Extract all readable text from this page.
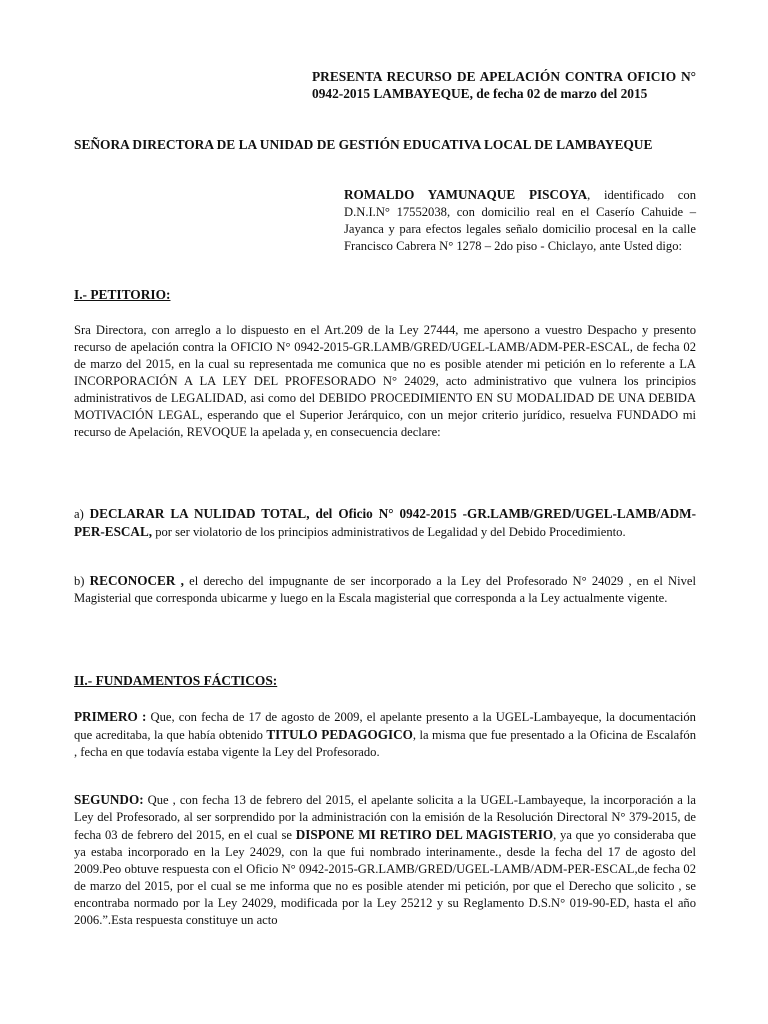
PRESENTA RECURSO DE APELACIÓN CONTRA OFICIO N° 0942-2015 LAMBAYEQUE, de fecha 02 de marzo del 2015
SEÑORA DIRECTORA DE LA UNIDAD DE GESTIÓN EDUCATIVA LOCAL DE LAMBAYEQUE
ROMALDO YAMUNAQUE PISCOYA, identificado con D.N.I.N° 17552038, con domicilio real en el Caserío Cahuide – Jayanca y para efectos legales señalo domicilio procesal en la calle Francisco Cabrera N° 1278 – 2do piso - Chiclayo, ante Usted digo:
I.- PETITORIO:
Sra Directora, con arreglo a lo dispuesto en el Art.209 de la Ley 27444, me apersono a vuestro Despacho y presento recurso de apelación contra la OFICIO N° 0942-2015-GR.LAMB/GRED/UGEL-LAMB/ADM-PER-ESCAL, de fecha 02 de marzo del 2015, en la cual su representada me comunica que no es posible atender mi petición en lo referente a LA INCORPORACIÓN A LA LEY DEL PROFESORADO N° 24029, acto administrativo que vulnera los principios administrativos de LEGALIDAD, asi como del DEBIDO PROCEDIMIENTO EN SU MODALIDAD DE UNA DEBIDA MOTIVACIÓN LEGAL, esperando que el Superior Jerárquico, con un mejor criterio jurídico, resuelva FUNDADO mi recurso de Apelación, REVOQUE la apelada y, en consecuencia declare:
a) DECLARAR LA NULIDAD TOTAL, del Oficio N° 0942-2015 -GR.LAMB/GRED/UGEL-LAMB/ADM-PER-ESCAL, por ser violatorio de los principios administrativos de Legalidad y del Debido Procedimiento.
b) RECONOCER , el derecho del impugnante de ser incorporado a la Ley del Profesorado N° 24029 , en el Nivel Magisterial que corresponda ubicarme y luego en la Escala magisterial que corresponda a la Ley actualmente vigente.
II.- FUNDAMENTOS FÁCTICOS:
PRIMERO : Que, con fecha de 17 de agosto de 2009, el apelante presento a la UGEL-Lambayeque, la documentación que acreditaba, la que había obtenido TITULO PEDAGOGICO, la misma que fue presentado a la Oficina de Escalafón , fecha en que todavía estaba vigente la Ley del Profesorado.
SEGUNDO: Que , con fecha 13 de febrero del 2015, el apelante solicita a la UGEL-Lambayeque, la incorporación a la Ley del Profesorado, al ser sorprendido por la administración con la emisión de la Resolución Directoral N° 379-2015, de fecha 03 de febrero del 2015, en el cual se DISPONE MI RETIRO DEL MAGISTERIO, ya que yo consideraba que ya estaba incorporado en la Ley 24029, con la que fui nombrado interinamente., desde la fecha del 17 de agosto del 2009.Peo obtuve respuesta con el Oficio N° 0942-2015-GR.LAMB/GRED/UGEL-LAMB/ADM-PER-ESCAL,de fecha 02 de marzo del 2015, por el cual se me informa que no es posible atender mi petición, por que el Derecho que solicito , se encontraba normado por la Ley 24029, modificada por la Ley 25212 y su Reglamento D.S.N° 019-90-ED, hasta el año 2006.”.Esta respuesta constituye un acto
